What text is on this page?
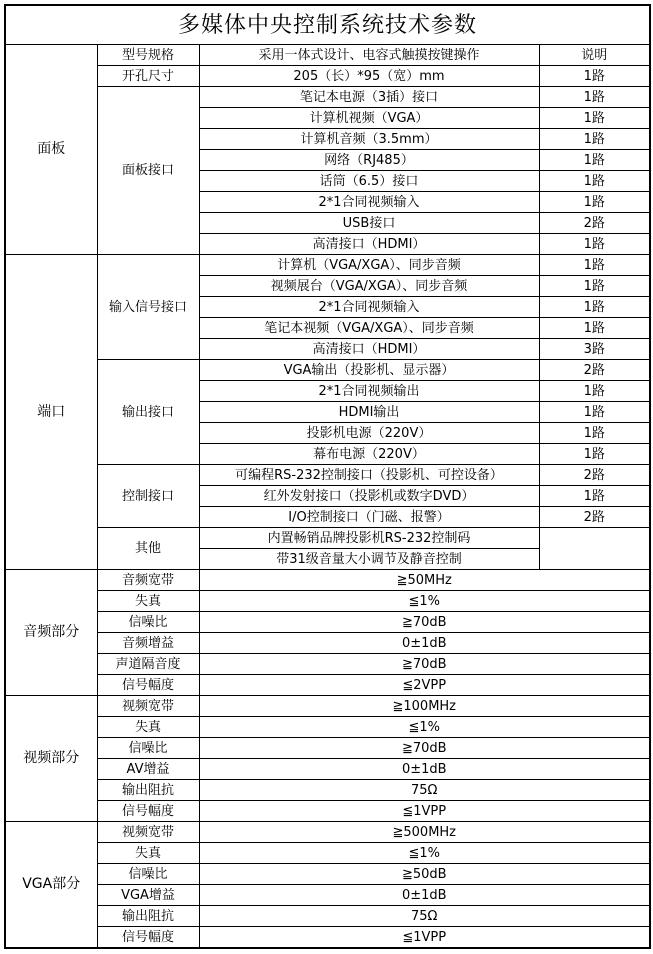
多媒体中央控制系统技术参数			
面板	型号规格	采用一体式设计、电容式触摸按键操作	说明
	开孔尺寸	205（长）*95（宽）mm	1路
	面板接口	笔记本电源（3插）接口	1路
		计算机视频（VGA）	1路
		计算机音频（3.5mm）	1路
		网络（RJ485）	1路
		话筒（6.5）接口	1路
		2*1合同视频输入	1路
		USB接口	2路
		高清接口（HDMI）	1路
端口	输入信号接口	计算机（VGA/XGA）、同步音频	1路
		视频展台（VGA/XGA）、同步音频	1路
		2*1合同视频输入	1路
		笔记本视频（VGA/XGA）、同步音频	1路
		高清接口（HDMI）	3路
	输出接口	VGA输出（投影机、显示器）	2路
		2*1合同视频输出	1路
		HDMI输出	1路
		投影机电源（220V）	1路
		幕布电源（220V）	1路
	控制接口	可编程RS-232控制接口（投影机、可控设备）	2路
		红外发射接口（投影机或数字DVD）	1路
		I/O控制接口（门磁、报警）	2路
	其他	内置畅销品牌投影机RS-232控制码	
		带31级音量大小调节及静音控制	
音频部分	音频宽带	≧50MHz	
	失真	≦1%	
	信噪比	≧70dB	
	音频增益	0±1dB	
	声道隔音度	≧70dB	
	信号幅度	≦2VPP	
视频部分	视频宽带	≧100MHz	
	失真	≦1%	
	信噪比	≧70dB	
	AV增益	0±1dB	
	输出阻抗	75Ω	
	信号幅度	≦1VPP	
VGA部分	视频宽带	≧500MHz	
	失真	≦1%	
	信噪比	≧50dB	
	VGA增益	0±1dB	
	输出阻抗	75Ω	
	信号幅度	≦1VPP	
